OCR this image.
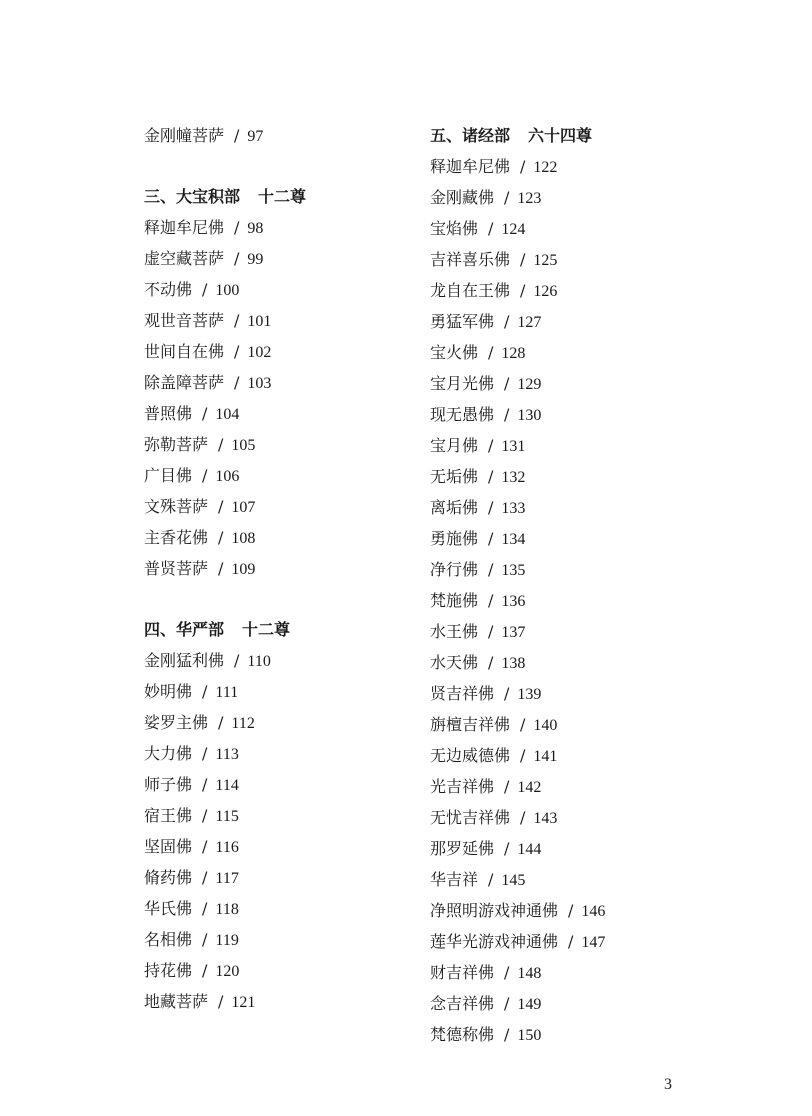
金刚幢菩萨 / 97
三、大宝积部 十二尊
释迦牟尼佛 / 98
虚空藏菩萨 / 99
不动佛 / 100
观世音菩萨 / 101
世间自在佛 / 102
除盖障菩萨 / 103
普照佛 / 104
弥勒菩萨 / 105
广目佛 / 106
文殊菩萨 / 107
主香花佛 / 108
普贤菩萨 / 109
四、华严部 十二尊
金刚猛利佛 / 110
妙明佛 / 111
娑罗主佛 / 112
大力佛 / 113
师子佛 / 114
宿王佛 / 115
坚固佛 / 116
脩药佛 / 117
华氏佛 / 118
名相佛 / 119
持花佛 / 120
地藏菩萨 / 121
五、诸经部 六十四尊
释迦牟尼佛 / 122
金刚藏佛 / 123
宝焰佛 / 124
吉祥喜乐佛 / 125
龙自在王佛 / 126
勇猛军佛 / 127
宝火佛 / 128
宝月光佛 / 129
现无愚佛 / 130
宝月佛 / 131
无垢佛 / 132
离垢佛 / 133
勇施佛 / 134
净行佛 / 135
梵施佛 / 136
水王佛 / 137
水天佛 / 138
贤吉祥佛 / 139
旃檀吉祥佛 / 140
无边威德佛 / 141
光吉祥佛 / 142
无忧吉祥佛 / 143
那罗延佛 / 144
华吉祥 / 145
净照明游戏神通佛 / 146
莲华光游戏神通佛 / 147
财吉祥佛 / 148
念吉祥佛 / 149
梵德称佛 / 150
3
